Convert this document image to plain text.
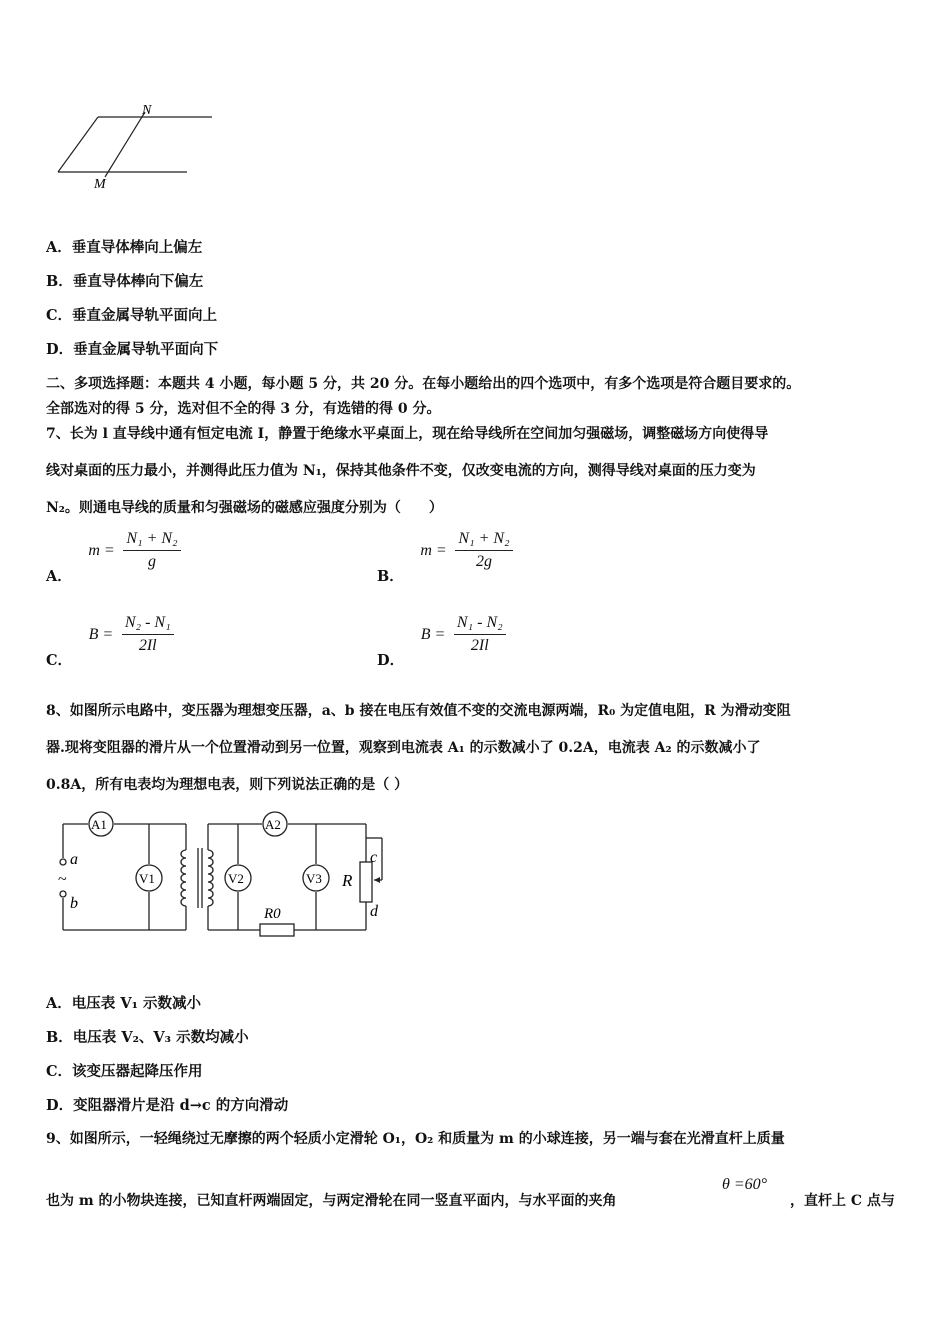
N
M
A．垂直导体棒向上偏左
B．垂直导体棒向下偏左
C．垂直金属导轨平面向上
D．垂直金属导轨平面向下
二、多项选择题：本题共 4 小题，每小题 5 分，共 20 分。在每小题给出的四个选项中，有多个选项是符合题目要求的。
全部选对的得 5 分，选对但不全的得 3 分，有选错的得 0 分。
7、长为 l 直导线中通有恒定电流 I，静置于绝缘水平桌面上，现在给导线所在空间加匀强磁场，调整磁场方向使得导
线对桌面的压力最小，并测得此压力值为 N₁，保持其他条件不变，仅改变电流的方向，测得导线对桌面的压力变为
N₂。则通电导线的质量和匀强磁场的磁感应强度分别为（　　）
A． $m = \frac{\text{N₁ + N₂}}{g}$
B． $m = \frac{\text{N₁ + N₂}}{2g}$
C． $B = \frac{\text{N₂ - N₁}}{2Il}$
D． $B = \frac{\text{N₁ - N₂}}{2Il}$
8、如图所示电路中，变压器为理想变压器，a、b 接在电压有效值不变的交流电源两端，R₀ 为定值电阻，R 为滑动变阻
器.现将变阻器的滑片从一个位置滑动到另一位置，观察到电流表 A₁ 的示数减小了 0.2A，电流表 A₂ 的示数减小了
0.8A，所有电表均为理想电表，则下列说法正确的是（ ）
A1	A2
V1	V2	V3
a
~
b
R
R0
c
d
A．电压表 V₁ 示数减小
B．电压表 V₂、V₃ 示数均减小
C．该变压器起降压作用
D．变阻器滑片是沿 d→c 的方向滑动
9、如图所示，一轻绳绕过无摩擦的两个轻质小定滑轮 O₁，O₂ 和质量为 m 的小球连接，另一端与套在光滑直杆上质量
也为 m 的小物块连接，已知直杆两端固定，与两定滑轮在同一竖直平面内，与水平面的夹角
θ =60°
，直杆上 C 点与
